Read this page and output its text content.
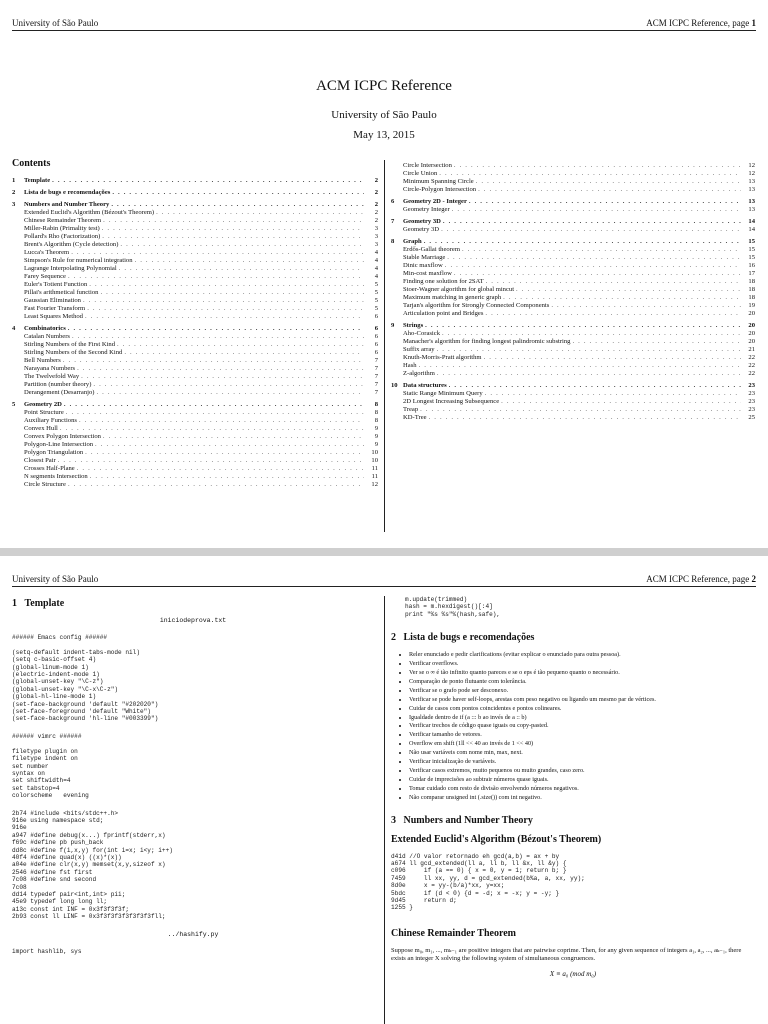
University of São Paulo	ACM ICPC Reference, page 1
ACM ICPC Reference
University of São Paulo
May 13, 2015
Contents
1	Template . . .	2
2	Lista de bugs e recomendações . . .	2
3	Numbers and Number Theory . . .	2
Extended Euclid's Algorithm (Bézout's Theorem) . . .	2
Chinese Remainder Theorem . . .	2
Miller-Rabin (Primality test) . . .	3
Pollard's Rho (Factorization) . . .	3
Brent's Algorithm (Cycle detection) . . .	3
Lucca's Theorem . . .	4
Simpson's Rule for numerical integration . . .	4
Lagrange Interpolating Polynomial . . .	4
Farey Sequence . . .	4
Euler's Totient Function . . .	5
Pillai's arithmetical function . . .	5
Gaussian Elimination . . .	5
Fast Fourier Transform . . .	5
Least Squares Method . . .	6
4	Combinatorics . . .	6
Catalan Numbers . . .	6
Stirling Numbers of the First Kind . . .	6
Stirling Numbers of the Second Kind . . .	6
Bell Numbers . . .	7
Narayana Numbers . . .	7
The Twelvefold Way . . .	7
Partition (number theory) . . .	7
Derangement (Desarranjo) . . .	7
5	Geometry 2D . . .	8
Point Structure . . .	8
Auxiliary Functions . . .	8
Convex Hull . . .	9
Convex Polygon Intersection . . .	9
Polygon-Line Intersection . . .	9
Polygon Triangulation . . .	10
Closest Pair . . .	10
Crosses Half-Plane . . .	11
N segments Intersection . . .	11
Circle Structure . . .	12
Circle Intersection . . .	12
Circle Union . . .	12
Minimum Spanning Circle . . .	13
Circle-Polygon Intersection . . .	13
6	Geometry 2D - Integer . . .	13
Geometry Integer . . .	13
7	Geometry 3D . . .	14
Geometry 3D . . .	14
8	Graph . . .	15
Erdős-Gallai theorem . . .	15
Stable Marriage . . .	15
Dinic maxflow . . .	16
Min-cost maxflow . . .	17
Finding one solution for 2SAT . . .	18
Stoer-Wagner algorithm for global mincut . . .	18
Maximum matching in generic graph . . .	18
Tarjan's algorithm for Strongly Connected Components . . .	19
Articulation point and Bridges . . .	20
9	Strings . . .	20
Aho-Corasick . . .	20
Manacher's algorithm for finding longest palindromic substring . . .	20
Suffix array . . .	21
Knuth-Morris-Pratt algorithm . . .	22
Hash . . .	22
Z-algorithm . . .	22
10 Data structures . . .	23
Static Range Minimum Query . . .	23
2D Longest Increasing Subsequence . . .	23
Treap . . .	23
KD-Tree . . .	25
University of São Paulo	ACM ICPC Reference, page 2
1 Template
iniciodeprova.txt
###### Emacs config ######

(setq-default indent-tabs-mode nil)
(setq c-basic-offset 4)
(global-linum-mode 1)
(electric-indent-mode 1)
(global-unset-key "\C-z")
(global-unset-key "\C-x\C-z")
(global-hl-line-mode 1)
(set-face-background 'default "#202020")
(set-face-foreground 'default "White")
(set-face-background 'hl-line "#003399")
###### vimrc ######

filetype plugin on
filetype indent on
set number
syntax on
set shiftwidth=4
set tabstop=4
colorscheme   evening
2b74 #include <bits/stdc++.h>
916e using namespace std;
916e
a947 #define debug(x...) fprintf(stderr,x)
f69c #define pb push_back
dd8c #define f(i,x,y) for(int i=x; i<y; i++)
40f4 #define quad(x) ((x)*(x))
a04e #define clr(x,y) memset(x,y,sizeof x)
2546 #define fst first
7c08 #define snd second
7c08
dd14 typedef pair<int,int> pii;
45e9 typedef long long ll;
a13c const int INF = 0x3f3f3f3f;
2b93 const ll LINF = 0x3f3f3f3f3f3f3f3fll;
../hashify.py
import hashlib, sys
m.update(trimmed)
hash = m.hexdigest()[:4]
print "%s %s"%(hash,safe),
2 Lista de bugs e recomendações
• Reler enunciado e pedir clarifications (evitar explicar o enunciado para outra pessoa).
• Verificar overflows.
• Ver se o ∞ é tão infinito quanto pareces e se o eps é tão pequeno quanto o necessário.
• Comparação de ponto flutuante com tolerância.
• Verificar se o grafo pode ser desconexo.
• Verificar se pode haver self-loops, arestas com peso negativo ou ligando um mesmo par de vértices.
• Cuidar de casos com pontos coincidentes e pontos colineares.
• Igualdade dentro de if (a ::: b ao invés de a :: b)
• Verificar trechos de código quase iguais ou copy-pasted.
• Verificar tamanho de vetores.
• Overflow em shift (1ll << 40 ao invés de 1 << 40)
• Não usar variáveis com nome min, max, next.
• Verificar inicialização de variáveis.
• Verificar casos extremos, muito pequenos ou muito grandes, caso zero.
• Cuidar de imprecisões ao subtrair números quase iguais.
• Tomar cuidado com resto de divisão envolvendo números negativos.
• Não comparar unsigned int (.size()) com int negativo.
3 Numbers and Number Theory
Extended Euclid's Algorithm (Bézout's Theorem)
d41d //O valor retornado eh gcd(a,b) = ax + by
a674 ll gcd_extended(ll a, ll b, ll &x, ll &y) {
c096     if (a == 0) { x = 0, y = 1; return b; }
7459     ll xx, yy, d = gcd_extended(b%a, a, xx, yy);
8d0e     x = yy-(b/a)*xx, y=xx;
5bdc     if (d < 0) {d = -d; x = -x; y = -y; }
9d45     return d;
1255 }
Chinese Remainder Theorem

Suppose m₀, m₁, ..., mₖ₋₁ are positive integers that are pairwise coprime. Then, for any given sequence of integers a₁, a₂, ..., aₖ₋₁, there exists an integer X solving the following system of simultaneous congruences.

X ≡ a₀ (mod m₀)
